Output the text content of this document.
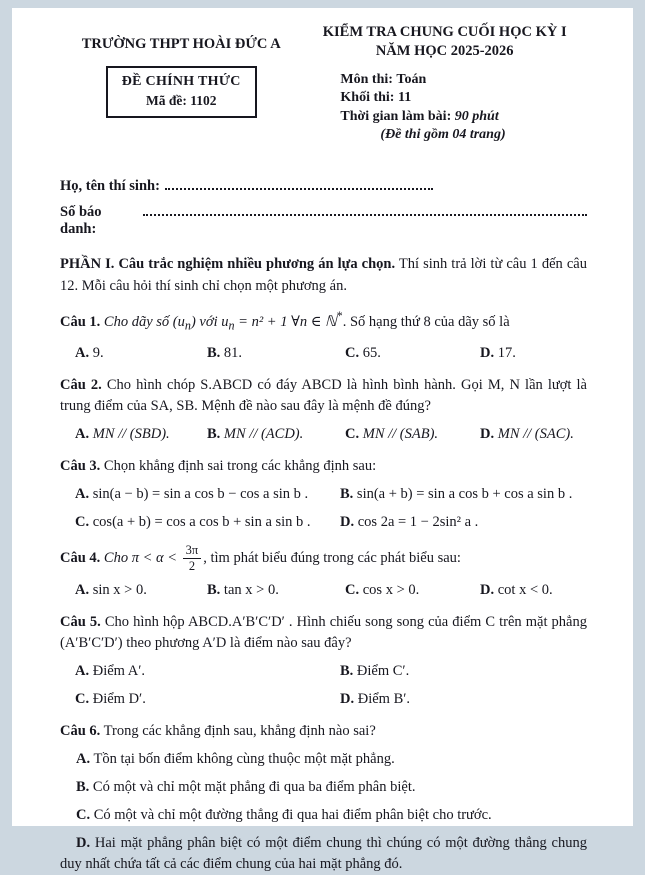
TRƯỜNG THPT HOÀI ĐỨC A
ĐỀ CHÍNH THỨC
Mã đề: 1102
KIỂM TRA CHUNG CUỐI HỌC KỲ I
NĂM HỌC 2025-2026
Môn thi: Toán
Khối thi: 11
Thời gian làm bài: 90 phút
(Đề thi gồm 04 trang)
Họ, tên thí sinh:
Số báo danh:

PHẦN I. Câu trắc nghiệm nhiều phương án lựa chọn. Thí sinh trả lời từ câu 1 đến câu 12. Mỗi câu hỏi thí sinh chỉ chọn một phương án.

Câu 1. Cho dãy số $(u_n)$ với $u_n = n^2 + 1$ ∀n ∈ ℕ*. Số hạng thứ 8 của dãy số là

A. 9.	B. 81.	C. 65.	D. 17.

Câu 2. Cho hình chóp S.ABCD có đáy ABCD là hình bình hành. Gọi M, N lần lượt là trung điểm của SA, SB. Mệnh đề nào sau đây là mệnh đề đúng?

A. MN // (SBD).	B. MN // (ACD).	C. MN // (SAB).	D. MN // (SAC).

Câu 3. Chọn khẳng định sai trong các khẳng định sau:

A. sin(a − b) = sin a cos b − cos a sin b .	B. sin(a + b) = sin a cos b + cos a sin b .
C. cos(a + b) = cos a cos b + sin a sin b .	D. cos 2a = 1 − 2sin² a .

Câu 4. Cho $\pi < \alpha < \frac{3\pi}{2}$ , tìm phát biểu đúng trong các phát biểu sau:

A. sin x > 0.	B. tan x > 0.	C. cos x > 0.	D. cot x < 0.

Câu 5. Cho hình hộp ABCD.A′B′C′D′ . Hình chiếu song song của điểm C trên mặt phẳng (A′B′C′D′) theo phương A′D là điểm nào sau đây?

A. Điểm A′.	B. Điểm C′.
C. Điểm D′.	D. Điểm B′.

Câu 6. Trong các khẳng định sau, khẳng định nào sai?

A. Tồn tại bốn điểm không cùng thuộc một mặt phẳng.
B. Có một và chỉ một mặt phẳng đi qua ba điểm phân biệt.
C. Có một và chỉ một đường thẳng đi qua hai điểm phân biệt cho trước.
D. Hai mặt phẳng phân biệt có một điểm chung thì chúng có một đường thẳng chung duy nhất chứa tất cả các điểm chung của hai mặt phẳng đó.
